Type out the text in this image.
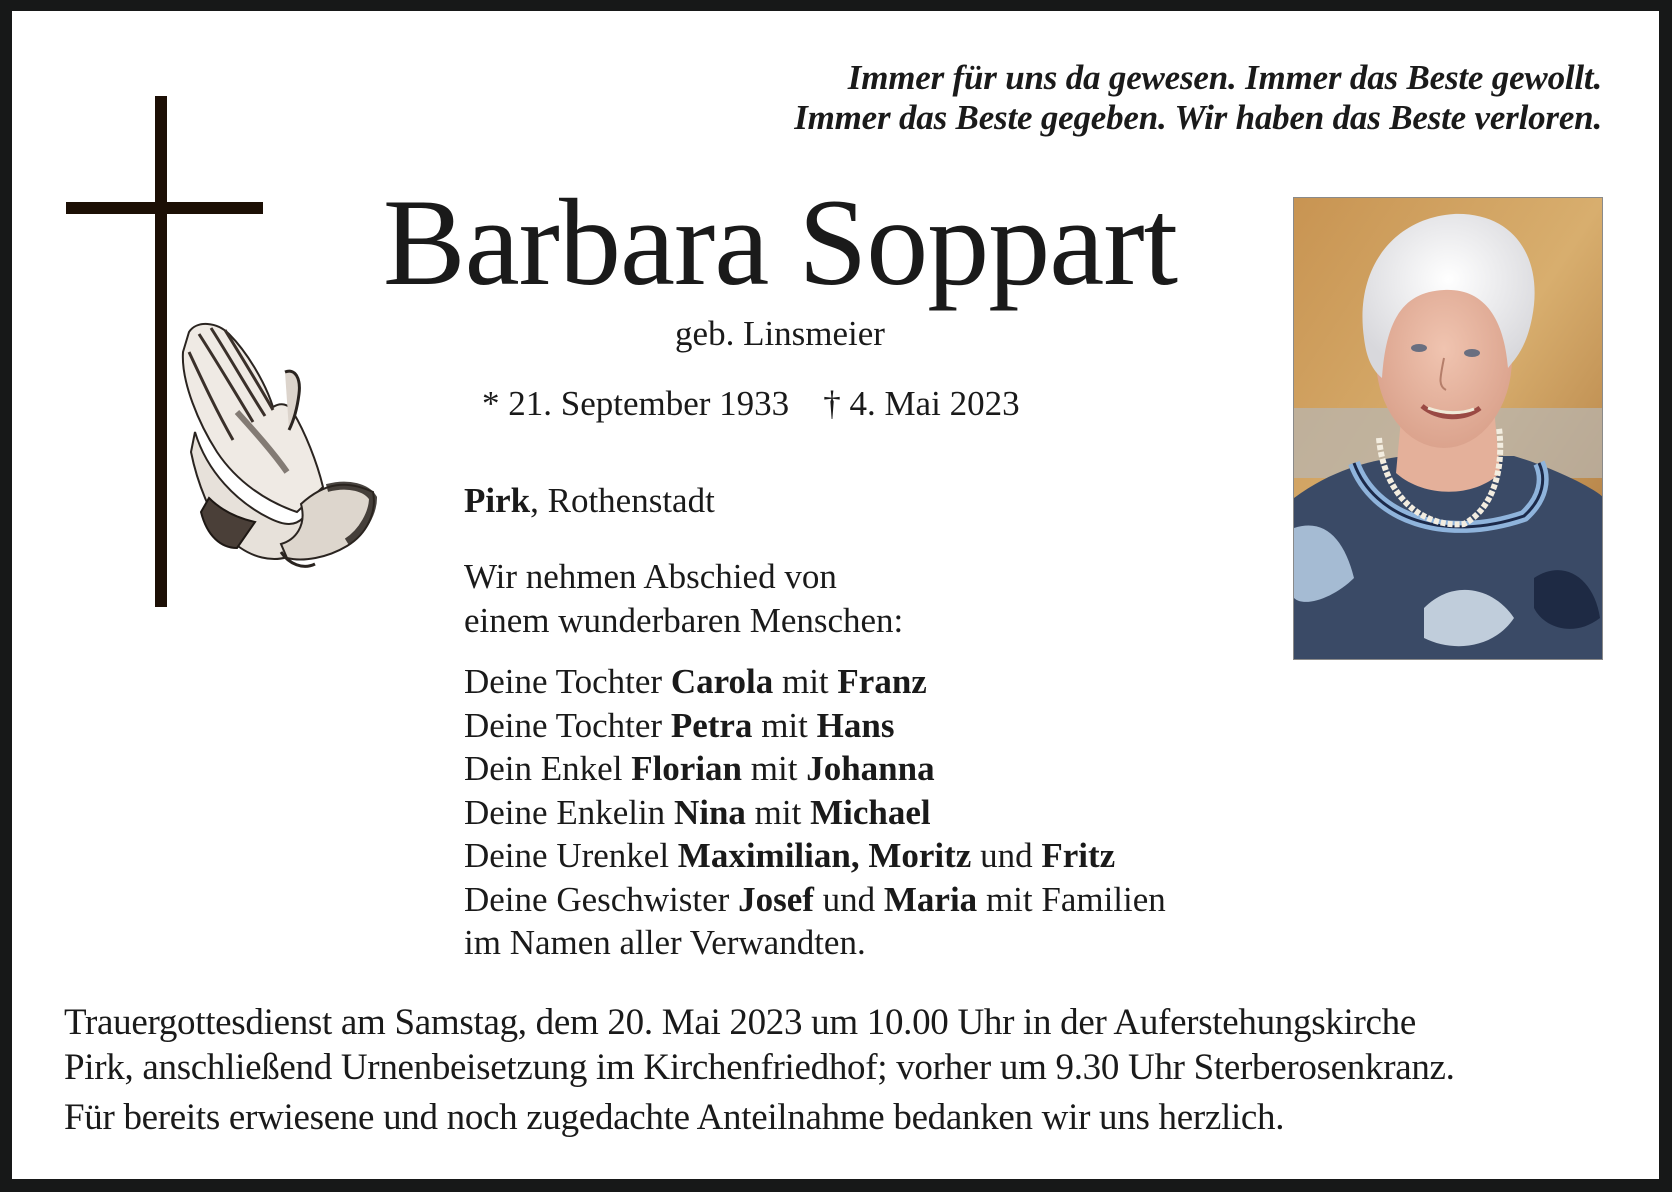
Immer für uns da gewesen. Immer das Beste gewollt.
Immer das Beste gegeben. Wir haben das Beste verloren.
Barbara Soppart
geb. Linsmeier
* 21. September 1933 † 4. Mai 2023
Pirk, Rothenstadt
Wir nehmen Abschied von
einem wunderbaren Menschen:
Deine Tochter Carola mit Franz
Deine Tochter Petra mit Hans
Dein Enkel Florian mit Johanna
Deine Enkelin Nina mit Michael
Deine Urenkel Maximilian, Moritz und Fritz
Deine Geschwister Josef und Maria mit Familien
im Namen aller Verwandten.
Trauergottesdienst am Samstag, dem 20. Mai 2023 um 10.00 Uhr in der Auferstehungskirche
Pirk, anschließend Urnenbeisetzung im Kirchenfriedhof; vorher um 9.30 Uhr Sterberosenkranz.
Für bereits erwiesene und noch zugedachte Anteilnahme bedanken wir uns herzlich.
